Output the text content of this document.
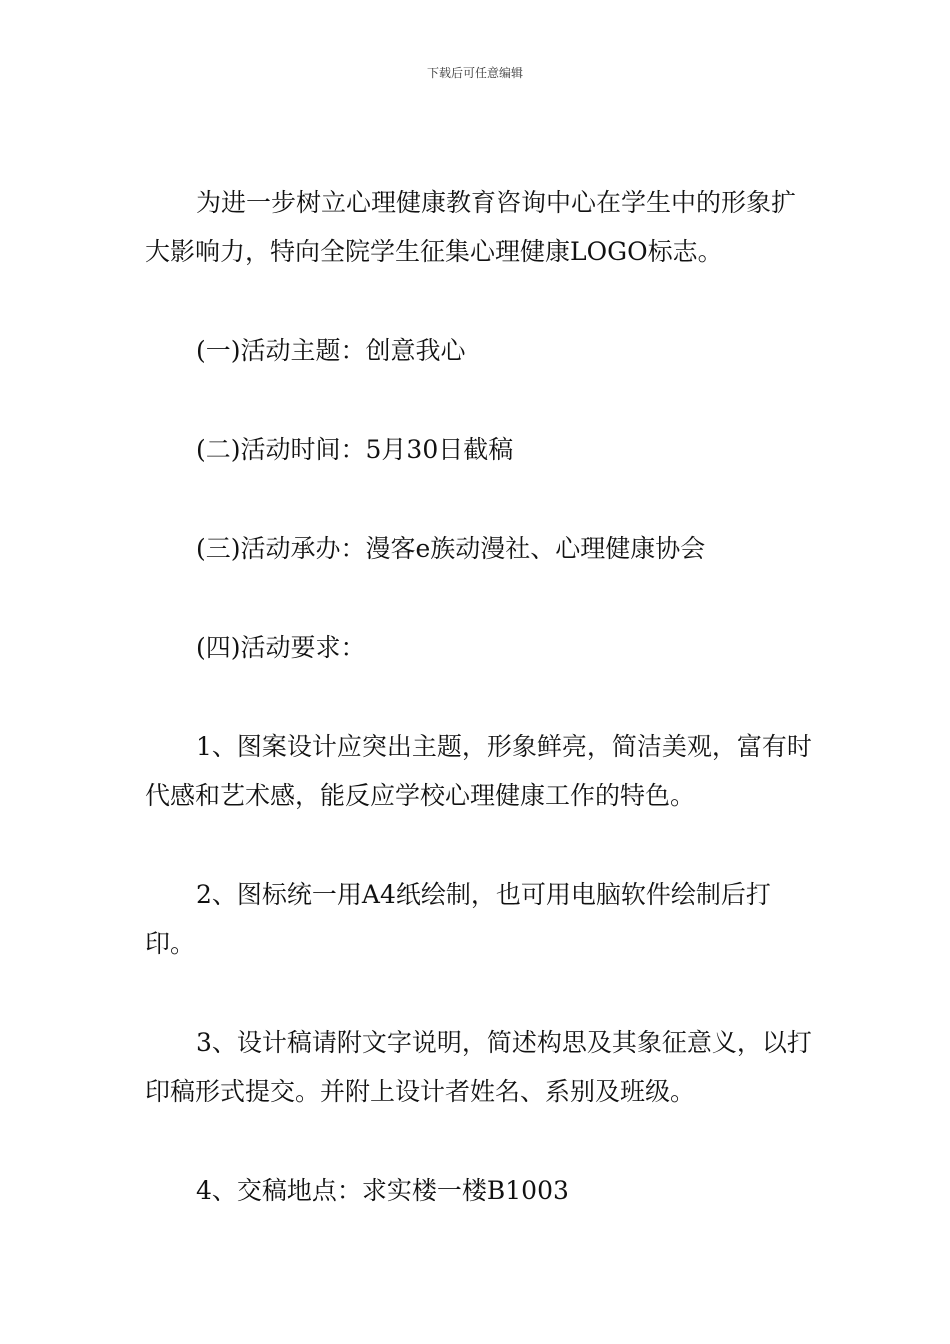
下载后可任意编辑

为进一步树立心理健康教育咨询中心在学生中的形象扩大影响力，特向全院学生征集心理健康LOGO标志。

(一)活动主题：创意我心

(二)活动时间：5月30日截稿

(三)活动承办：漫客e族动漫社、心理健康协会

(四)活动要求：

1、图案设计应突出主题，形象鲜亮，简洁美观，富有时代感和艺术感，能反应学校心理健康工作的特色。

2、图标统一用A4纸绘制，也可用电脑软件绘制后打印。

3、设计稿请附文字说明，简述构思及其象征意义，以打印稿形式提交。并附上设计者姓名、系别及班级。

4、交稿地点：求实楼一楼B1003
